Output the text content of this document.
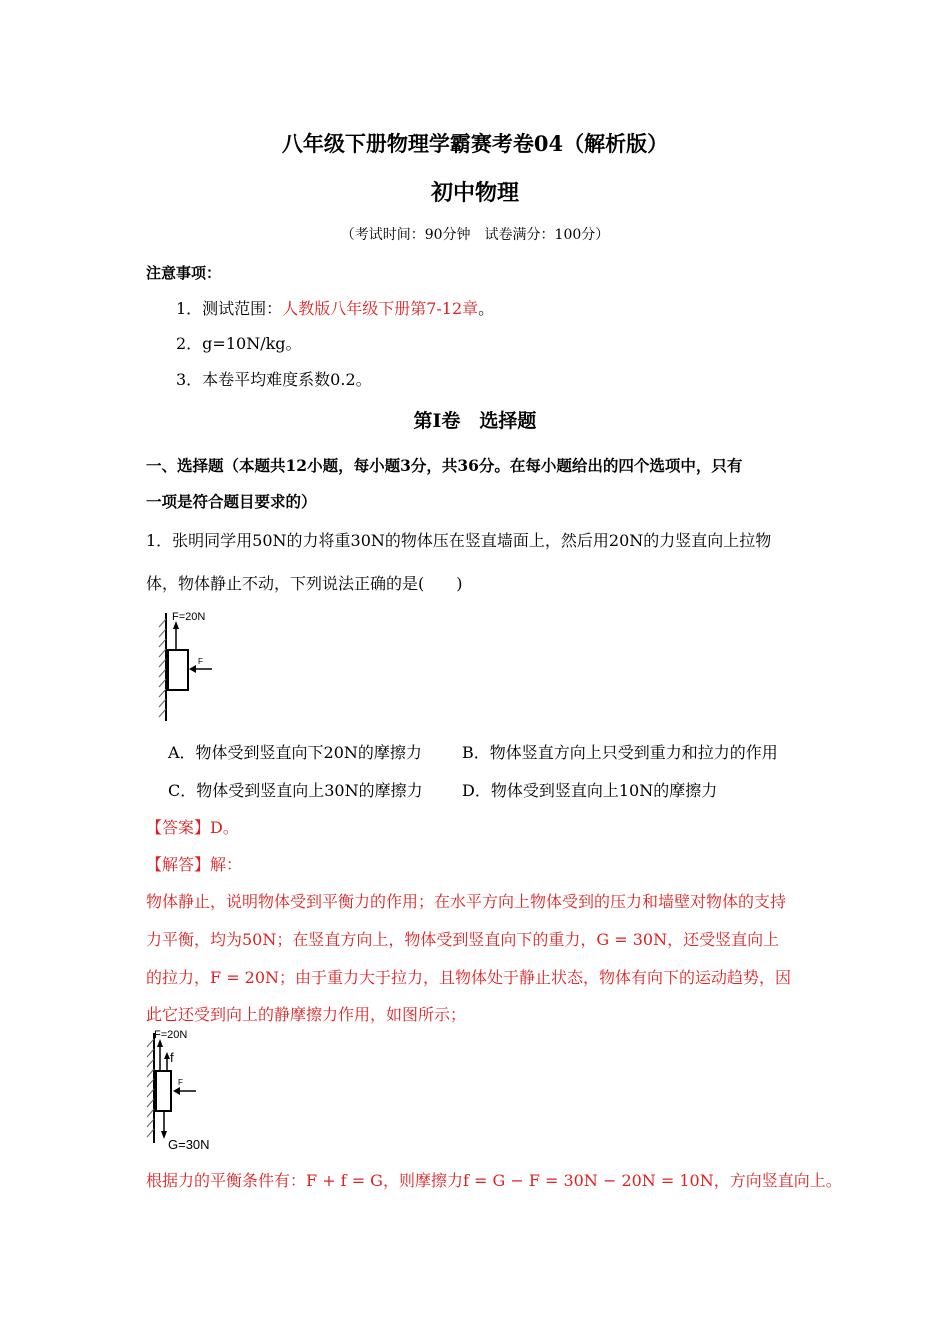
八年级下册物理学霸赛考卷04（解析版）
初中物理
（考试时间：90分钟　试卷满分：100分）
注意事项：
1．测试范围：人教版八年级下册第7-12章。
2．g=10N/kg。
3．本卷平均难度系数0.2。
第Ⅰ卷　选择题
一、选择题（本题共12小题，每小题3分，共36分。在每小题给出的四个选项中，只有
一项是符合题目要求的）
1．张明同学用50N的力将重30N的物体压在竖直墙面上，然后用20N的力竖直向上拉物
体，物体静止不动，下列说法正确的是(　　)
F=20N
F
A．物体受到竖直向下20N的摩擦力	B．物体竖直方向上只受到重力和拉力的作用
C．物体受到竖直向上30N的摩擦力 D．物体受到竖直向上10N的摩擦力
【答案】D。
【解答】解：
物体静止，说明物体受到平衡力的作用；在水平方向上物体受到的压力和墙壁对物体的支持
力平衡，均为50N；在竖直方向上，物体受到竖直向下的重力，G = 30N，还受竖直向上
的拉力，F = 20N；由于重力大于拉力，且物体处于静止状态，物体有向下的运动趋势，因
此它还受到向上的静摩擦力作用，如图所示；
F=20N
f
G=30N
F
根据力的平衡条件有：F + f = G，则摩擦力f = G − F = 30N − 20N = 10N，方向竖直向上。
